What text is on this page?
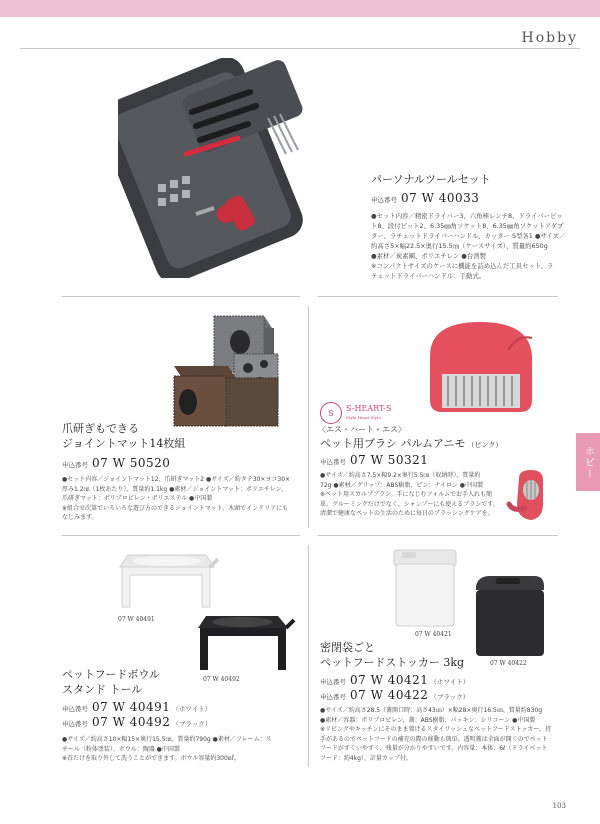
Hobby
パーソナルツールセット
申込番号 07 W 40033
●セット内容／精密ドライバー3、六角棒レンチ8、ドライバービッ
ト8、段付ビット2、6.35㎜角ソケット8、6.35㎜角ソケットアダプ
ター、ラチェットドライバーハンドル、カッター S型各1 ●サイズ／
約高さ5×幅22.5×奥行15.5㎝（ケースサイズ）、質量約650g
●素材／炭素鋼、ポリエチレン ●台湾製
※コンパクトサイズのケースに機能を詰め込んだ工具セット。ラ
チェットドライバーハンドル：手動式。
爪研ぎもできる
ジョイントマット14枚組
申込番号 07 W 50520
●セット内容／ジョイントマット12、爪研ぎマット2 ●サイズ／約タテ30×ヨコ30×
厚み1.2㎝（1枚あたり）、質量約1.1kg ●素材／ジョイントマット：ポリエチレン、
爪研ぎマット：ポリプロピレン・ポリエステル ●中国製
※組合せ次第でいろいろな遊び方のできるジョイントマット。木頭でインテリアにも
なじみます。
S
S-HEART-S
Style Heart Style
〈エス・ハート・エス〉
ペット用ブラシ パルムアニモ （ピンク）
申込番号 07 W 50321
●サイズ／約高さ7.5×幅9.2×奥行5.5㎝（収納時）、質量約
72g ●素材／グリップ：ABS樹脂、ピン：ナイロン ●中国製
※ペット用スカルプブラシ。手になじむフォルムでお手入れも簡
単。グルーミングだけでなく、シャンプーにも使えるブラシです。
清潔で健康なペットの生活のために毎日のブラッシングケアを。
ホビー
07 W 40491
07 W 40492
ペットフードボウル
スタンド トール
申込番号 07 W 40491 （ホワイト）
申込番号 07 W 40492 （ブラック）
●サイズ／約高さ10×幅15×奥行15.5㎝、質量約790g ●素材／フレーム：ス
チール（粉体塗装）、ボウル：陶器 ●中国製
※首だけを取り外して洗うことができます。ボウル容量約300㎖。
07 W 40421
07 W 40422
密閉袋ごと
ペットフードストッカー 3kg
申込番号 07 W 40421 （ホワイト）
申込番号 07 W 40422 （ブラック）
●サイズ／約高さ28.5（蓋開口時：高さ43㎝）×幅28×奥行16.5㎝、質量約830g
●素材／容器：ポリプロピレン、蓋：ABS樹脂、パッキン：シリコーン ●中国製
※リビングやキッチンにそのまま置けるスタイリッシュなペットフードストッカー。持
手があるのでペットフードの補充の際の移動も簡単。透明蓋は全面が開くのでペット
フードがすくいやすく、残量が分かりやすいです。内容量：本体：6ℓ（ドライペット
フード：約4kg）、計量カップ付。
103
